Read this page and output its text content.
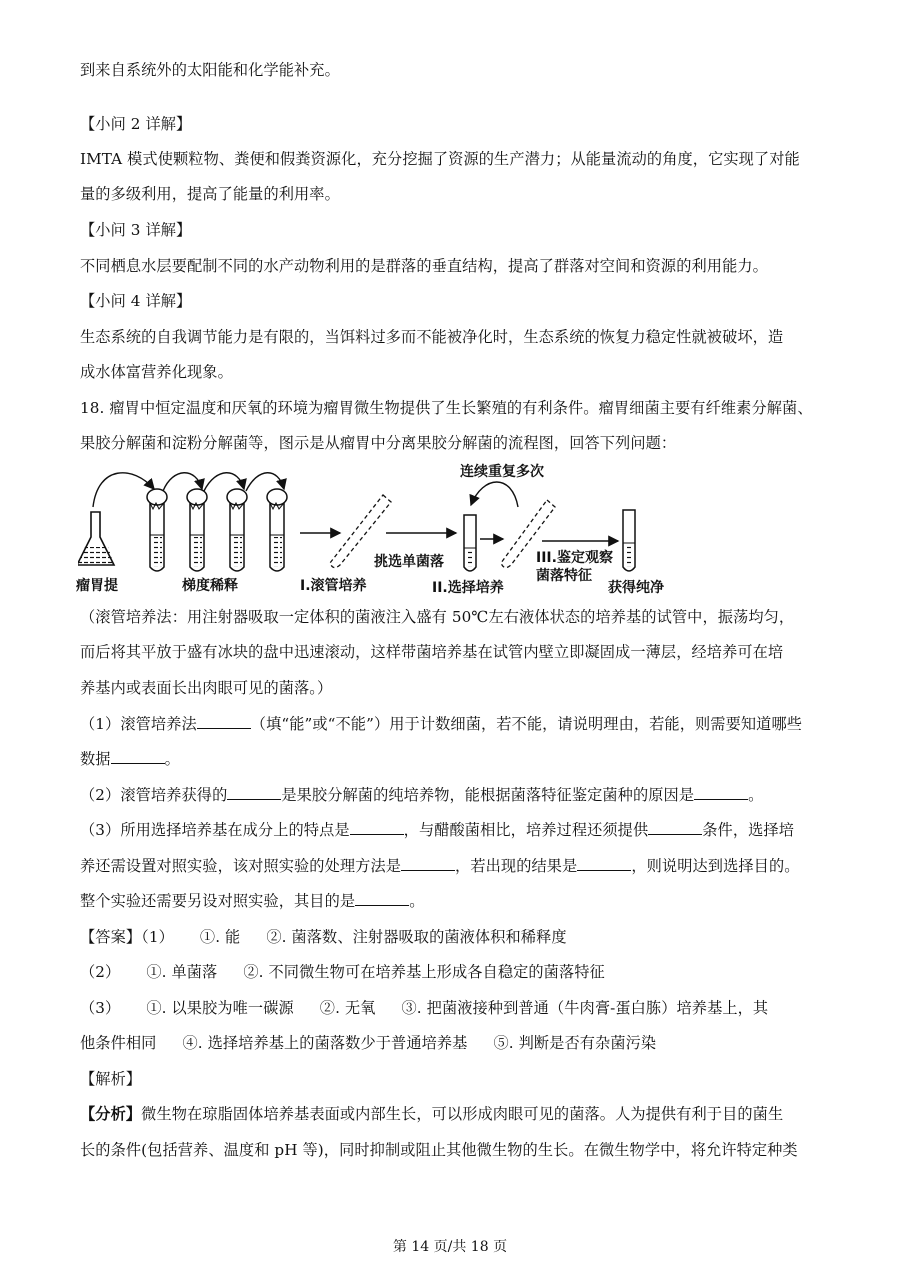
到来自系统外的太阳能和化学能补充。
【小问 2 详解】
IMTA 模式使颗粒物、粪便和假粪资源化，充分挖掘了资源的生产潜力；从能量流动的角度，它实现了对能
量的多级利用，提高了能量的利用率。
【小问 3 详解】
不同栖息水层要配制不同的水产动物利用的是群落的垂直结构，提高了群落对空间和资源的利用能力。
【小问 4 详解】
生态系统的自我调节能力是有限的，当饵料过多而不能被净化时，生态系统的恢复力稳定性就被破坏，造
成水体富营养化现象。
18. 瘤胃中恒定温度和厌氧的环境为瘤胃微生物提供了生长繁殖的有利条件。瘤胃细菌主要有纤维素分解菌、
果胶分解菌和淀粉分解菌等，图示是从瘤胃中分离果胶分解菌的流程图，回答下列问题：
瘤胃提	梯度稀释	I.滚管培养
挑选单菌落
II.选择培养
连续重复多次
III.鉴定观察
菌落特征
获得纯净
（滚管培养法：用注射器吸取一定体积的菌液注入盛有 50℃左右液体状态的培养基的试管中，振荡均匀，
而后将其平放于盛有冰块的盘中迅速滚动，这样带菌培养基在试管内壁立即凝固成一薄层，经培养可在培
养基内或表面长出肉眼可见的菌落。）
（1）滚管培养法	（填“能”或“不能”）用于计数细菌，若不能，请说明理由，若能，则需要知道哪些
数据	。
（2）滚管培养获得的	是果胶分解菌的纯培养物，能根据菌落特征鉴定菌种的原因是	。
（3）所用选择培养基在成分上的特点是	，与醋酸菌相比，培养过程还须提供	条件，选择培
养还需设置对照实验，该对照实验的处理方法是	，若出现的结果是	，则说明达到选择目的。
整个实验还需要另设对照实验，其目的是	。
【答案】（1） ①. 能 ②. 菌落数、注射器吸取的菌液体积和稀释度
（2） ①. 单菌落 ②. 不同微生物可在培养基上形成各自稳定的菌落特征
（3） ①. 以果胶为唯一碳源 ②. 无氧 ③. 把菌液接种到普通（牛肉膏-蛋白胨）培养基上，其
他条件相同 ④. 选择培养基上的菌落数少于普通培养基 ⑤. 判断是否有杂菌污染
【解析】
【分析】微生物在琼脂固体培养基表面或内部生长，可以形成肉眼可见的菌落。人为提供有利于目的菌生
长的条件(包括营养、温度和 pH 等)，同时抑制或阻止其他微生物的生长。在微生物学中，将允许特定种类
第 14 页/共 18 页
